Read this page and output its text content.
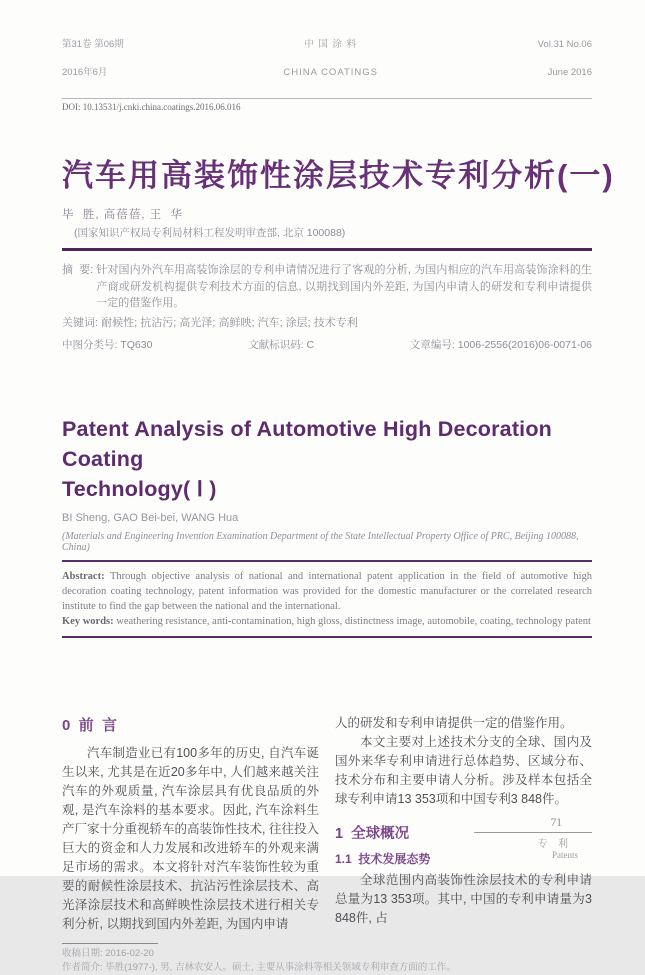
第31卷 第06期

2016年6月

中 国 涂 料

CHINA COATINGS

Vol.31 No.06

June 2016

DOI: 10.13531/j.cnki.china.coatings.2016.06.016
汽车用高装饰性涂层技术专利分析(一)
毕  胜, 高蓓蓓, 王  华
(国家知识产权局专利局材料工程发明审查部, 北京 100088)
摘  要: 针对国内外汽车用高装饰涂层的专利申请情况进行了客观的分析, 为国内相应的汽车用高装饰涂料的生产商或研发机构提供专利技术方面的信息, 以期找到国内外差距, 为国内申请人的研发和专利申请提供一定的借鉴作用。
关键词: 耐候性; 抗沾污; 高光泽; 高鲜映; 汽车; 涂层; 技术专利
中图分类号: TQ630	文献标识码: C	文章编号: 1006-2556(2016)06-0071-06
Patent Analysis of Automotive High Decoration Coating
Technology( Ⅰ )
BI Sheng, GAO Bei-bei, WANG Hua
(Materials and Engineering Invention Examination Department of the State Intellectual Property Office of PRC, Beijing 100088, China)

Abstract: Through objective analysis of national and international patent application in the field of automotive high decoration coating technology, patent information was provided for the domestic manufacturer or the correlated research institute to find the gap between the national and the international.
Key words: weathering resistance, anti-contamination, high gloss, distinctness image, automobile, coating, technology patent

0  前  言

汽车制造业已有100多年的历史, 自汽车诞生以来, 尤其是在近20多年中, 人们越来越关注汽车的外观质量, 汽车涂层具有优良品质的外观, 是汽车涂料的基本要求。因此, 汽车涂料生产厂家十分重视轿车的高装饰性技术, 往往投入巨大的资金和人力发展和改进轿车的外观来满足市场的需求。本文将针对汽车装饰性较为重要的耐候性涂层技术、抗沾污性涂层技术、高光泽涂层技术和高鲜映性涂层技术进行相关专利分析, 以期找到国内外差距, 为国内申请

人的研发和专利申请提供一定的借鉴作用。

本文主要对上述技术分支的全球、国内及国外来华专利申请进行总体趋势、区域分布、技术分布和主要申请人分析。涉及样本包括全球专利申请13 353项和中国专利3 848件。

1  全球概况
1.1  技术发展态势

全球范围内高装饰性涂层技术的专利申请总量为13 353项。其中, 中国的专利申请量为3 848件, 占

收稿日期: 2016-02-20
作者简介: 毕胜(1977-), 男, 吉林农安人。硕士, 主要从事涂料等相关领域专利审查方面的工作。
71
专 利
Patents
